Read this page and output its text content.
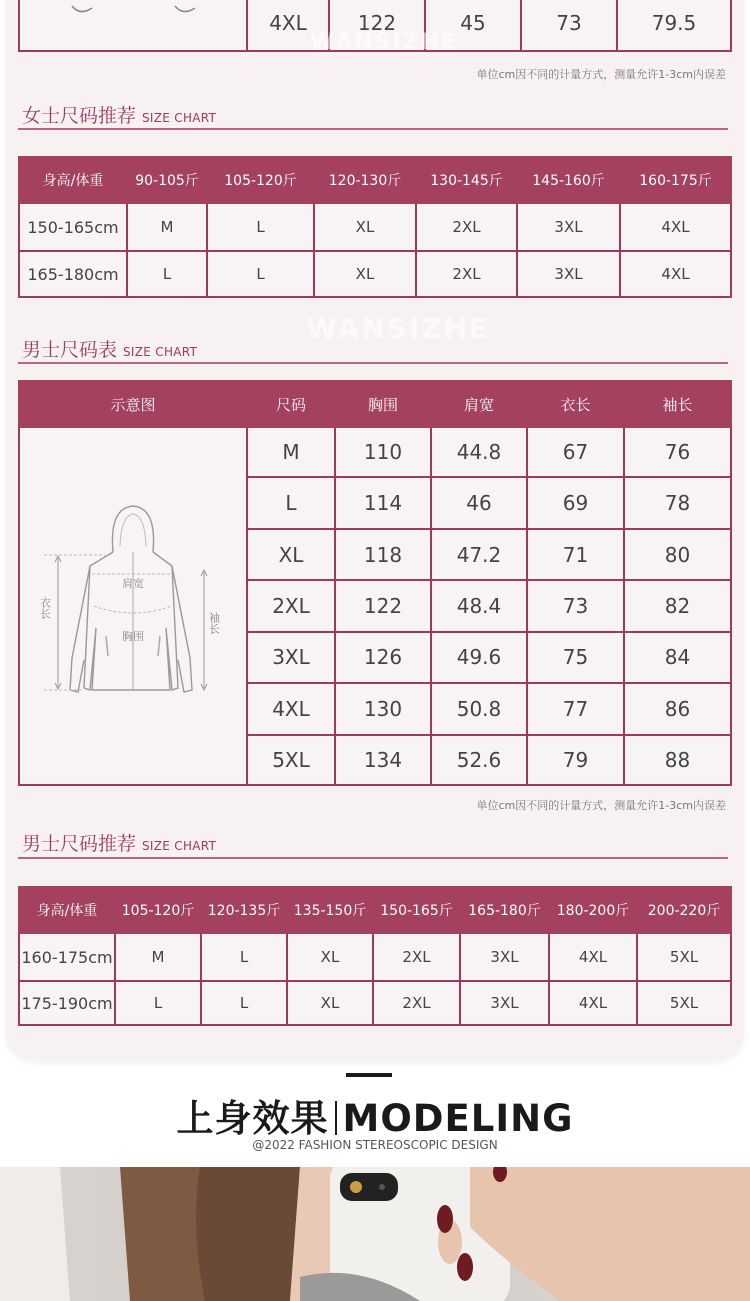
	4XL	122	45	73	79.5
WANSIZHE
单位cm因不同的计量方式，测量允许1-3cm内误差
女士尺码推荐 SIZE CHART
身高/体重	90-105斤	105-120斤	120-130斤	130-145斤	145-160斤	160-175斤
150-165cm	M	L	XL	2XL	3XL	4XL
165-180cm	L	L	XL	2XL	3XL	4XL
男士尺码表 SIZE CHART
示意图	尺码	胸围	肩宽	衣长	袖长

肩宽
胸围
衣长
袖长	M	110	44.8	67	76
	L	114	46	69	78
	XL	118	47.2	71	80
	2XL	122	48.4	73	82
	3XL	126	49.6	75	84
	4XL	130	50.8	77	86
	5XL	134	52.6	79	88
WANSIZHE
单位cm因不同的计量方式，测量允许1-3cm内误差
男士尺码推荐 SIZE CHART
身高/体重	105-120斤	120-135斤	135-150斤	150-165斤	165-180斤	180-200斤	200-220斤
160-175cm	M	L	XL	2XL	3XL	4XL	5XL
175-190cm	L	L	XL	2XL	3XL	4XL	5XL
上身效果 MODELING
@2022 FASHION STEREOSCOPIC DESIGN
